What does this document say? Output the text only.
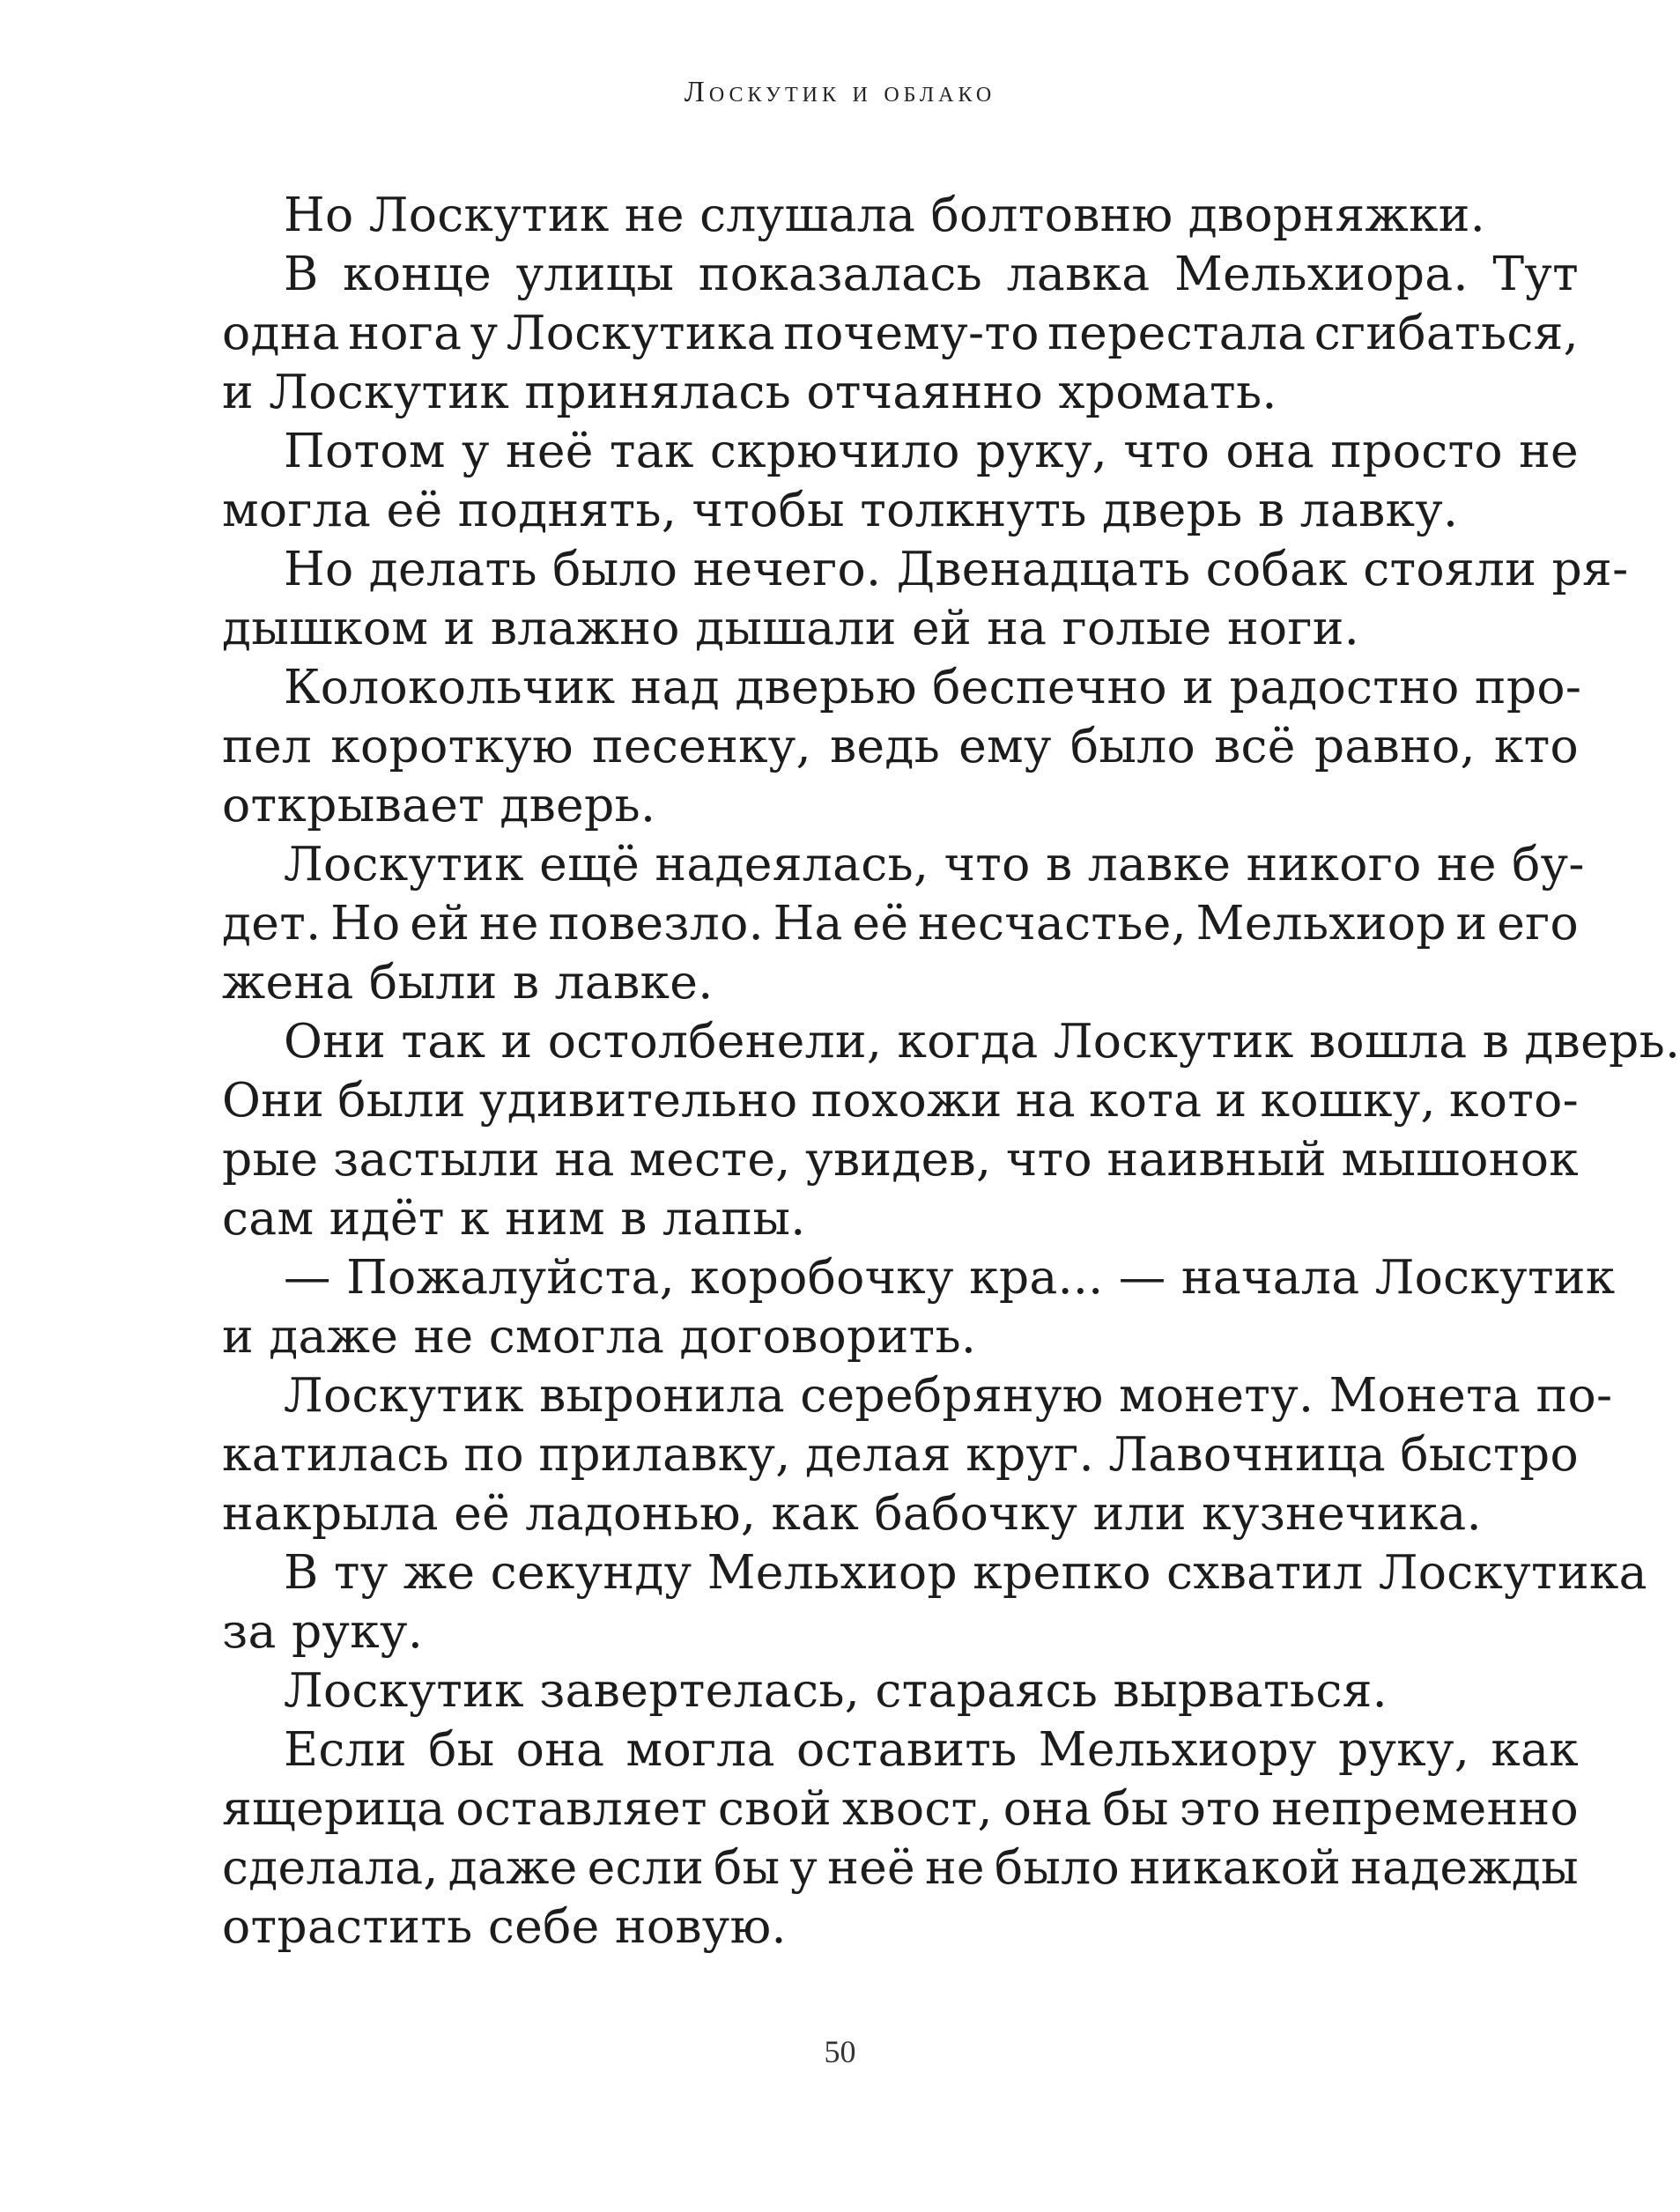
Лоскутик и облако

Но Лоскутик не слушала болтовню дворняжки.

В конце улицы показалась лавка Мельхиора. Тут
одна нога у Лоскутика почему-то перестала сгибаться,
и Лоскутик принялась отчаянно хромать.

Потом у неё так скрючило руку, что она просто не
могла её поднять, чтобы толкнуть дверь в лавку.

Но делать было нечего. Двенадцать собак стояли ря-
дышком и влажно дышали ей на голые ноги.

Колокольчик над дверью беспечно и радостно про-
пел короткую песенку, ведь ему было всё равно, кто
открывает дверь.

Лоскутик ещё надеялась, что в лавке никого не бу-
дет. Но ей не повезло. На её несчастье, Мельхиор и его
жена были в лавке.

Они так и остолбенели, когда Лоскутик вошла в дверь.
Они были удивительно похожи на кота и кошку, кото-
рые застыли на месте, увидев, что наивный мышонок
сам идёт к ним в лапы.

— Пожалуйста, коробочку кра... — начала Лоскутик
и даже не смогла договорить.

Лоскутик выронила серебряную монету. Монета по-
катилась по прилавку, делая круг. Лавочница быстро
накрыла её ладонью, как бабочку или кузнечика.

В ту же секунду Мельхиор крепко схватил Лоскутика
за руку.

Лоскутик завертелась, стараясь вырваться.

Если бы она могла оставить Мельхиору руку, как
ящерица оставляет свой хвост, она бы это непременно
сделала, даже если бы у неё не было никакой надежды
отрастить себе новую.

50
